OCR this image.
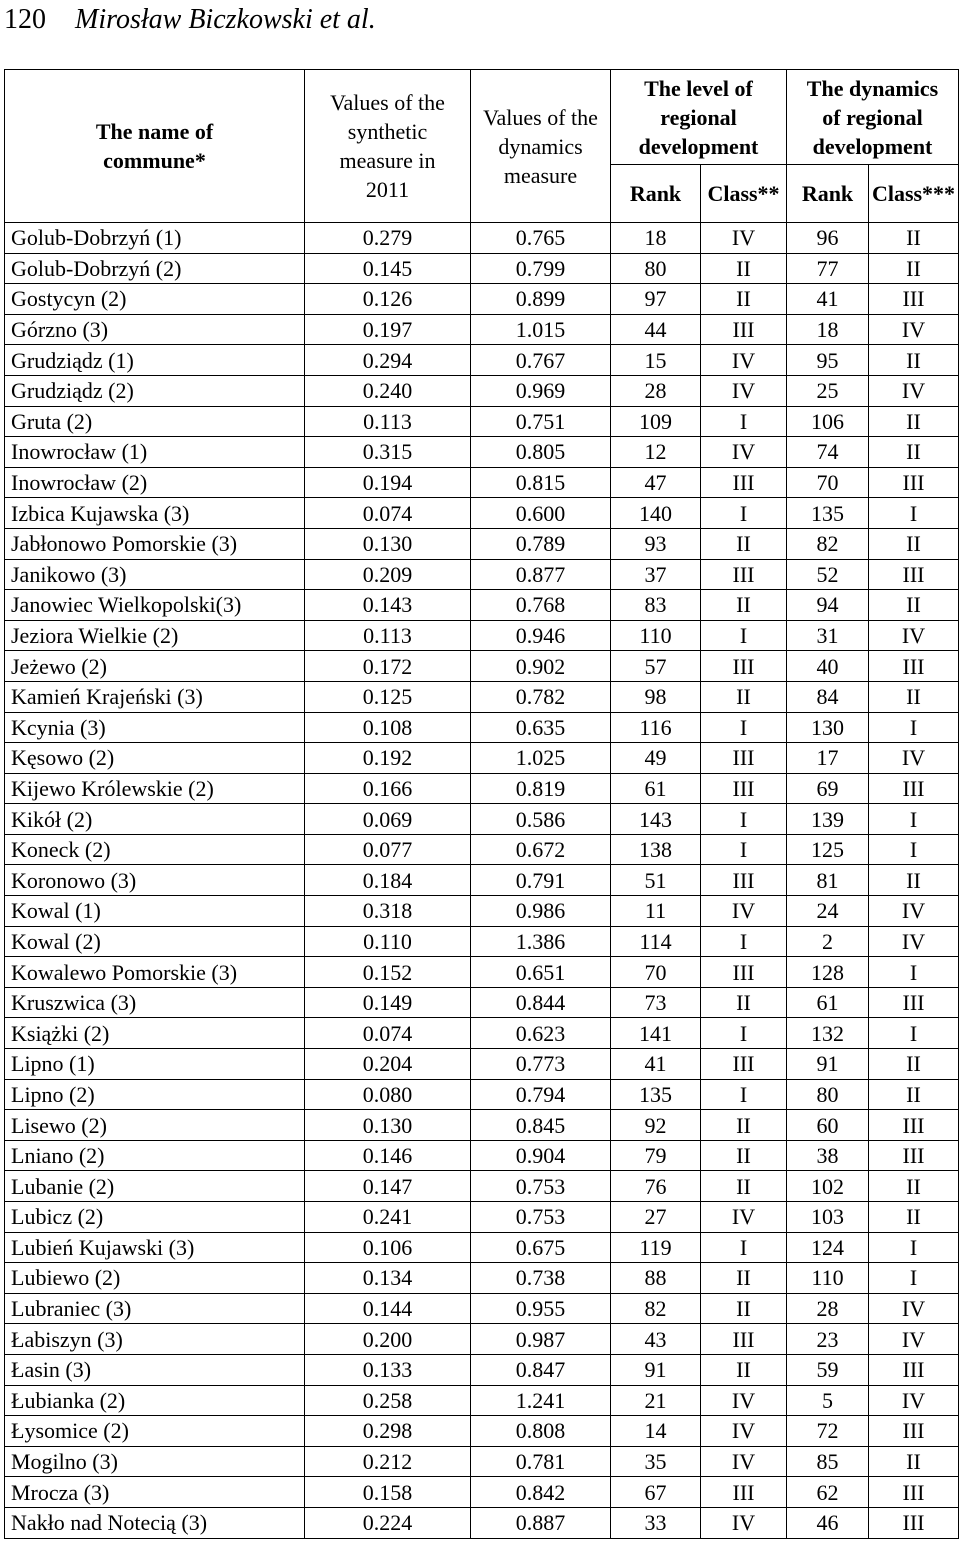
120 Mirosław Biczkowski et al.
The name of commune*	Values of the synthetic measure in 2011	Values of the dynamics measure	The level of regional development		The dynamics of regional development	
			Rank	Class**	Rank	Class***
Golub-Dobrzyń (1)	0.279	0.765	18	IV	96	II
Golub-Dobrzyń (2)	0.145	0.799	80	II	77	II
Gostycyn (2)	0.126	0.899	97	II	41	III
Górzno (3)	0.197	1.015	44	III	18	IV
Grudziądz (1)	0.294	0.767	15	IV	95	II
Grudziądz (2)	0.240	0.969	28	IV	25	IV
Gruta (2)	0.113	0.751	109	I	106	II
Inowrocław (1)	0.315	0.805	12	IV	74	II
Inowrocław (2)	0.194	0.815	47	III	70	III
Izbica Kujawska (3)	0.074	0.600	140	I	135	I
Jabłonowo Pomorskie (3)	0.130	0.789	93	II	82	II
Janikowo (3)	0.209	0.877	37	III	52	III
Janowiec Wielkopolski(3)	0.143	0.768	83	II	94	II
Jeziora Wielkie (2)	0.113	0.946	110	I	31	IV
Jeżewo (2)	0.172	0.902	57	III	40	III
Kamień Krajeński (3)	0.125	0.782	98	II	84	II
Kcynia (3)	0.108	0.635	116	I	130	I
Kęsowo (2)	0.192	1.025	49	III	17	IV
Kijewo Królewskie (2)	0.166	0.819	61	III	69	III
Kikół (2)	0.069	0.586	143	I	139	I
Koneck (2)	0.077	0.672	138	I	125	I
Koronowo (3)	0.184	0.791	51	III	81	II
Kowal (1)	0.318	0.986	11	IV	24	IV
Kowal (2)	0.110	1.386	114	I	2	IV
Kowalewo Pomorskie (3)	0.152	0.651	70	III	128	I
Kruszwica (3)	0.149	0.844	73	II	61	III
Książki (2)	0.074	0.623	141	I	132	I
Lipno (1)	0.204	0.773	41	III	91	II
Lipno (2)	0.080	0.794	135	I	80	II
Lisewo (2)	0.130	0.845	92	II	60	III
Lniano (2)	0.146	0.904	79	II	38	III
Lubanie (2)	0.147	0.753	76	II	102	II
Lubicz (2)	0.241	0.753	27	IV	103	II
Lubień Kujawski (3)	0.106	0.675	119	I	124	I
Lubiewo (2)	0.134	0.738	88	II	110	I
Lubraniec (3)	0.144	0.955	82	II	28	IV
Łabiszyn (3)	0.200	0.987	43	III	23	IV
Łasin (3)	0.133	0.847	91	II	59	III
Łubianka (2)	0.258	1.241	21	IV	5	IV
Łysomice (2)	0.298	0.808	14	IV	72	III
Mogilno (3)	0.212	0.781	35	IV	85	II
Mrocza (3)	0.158	0.842	67	III	62	III
Nakło nad Notecią (3)	0.224	0.887	33	IV	46	III
